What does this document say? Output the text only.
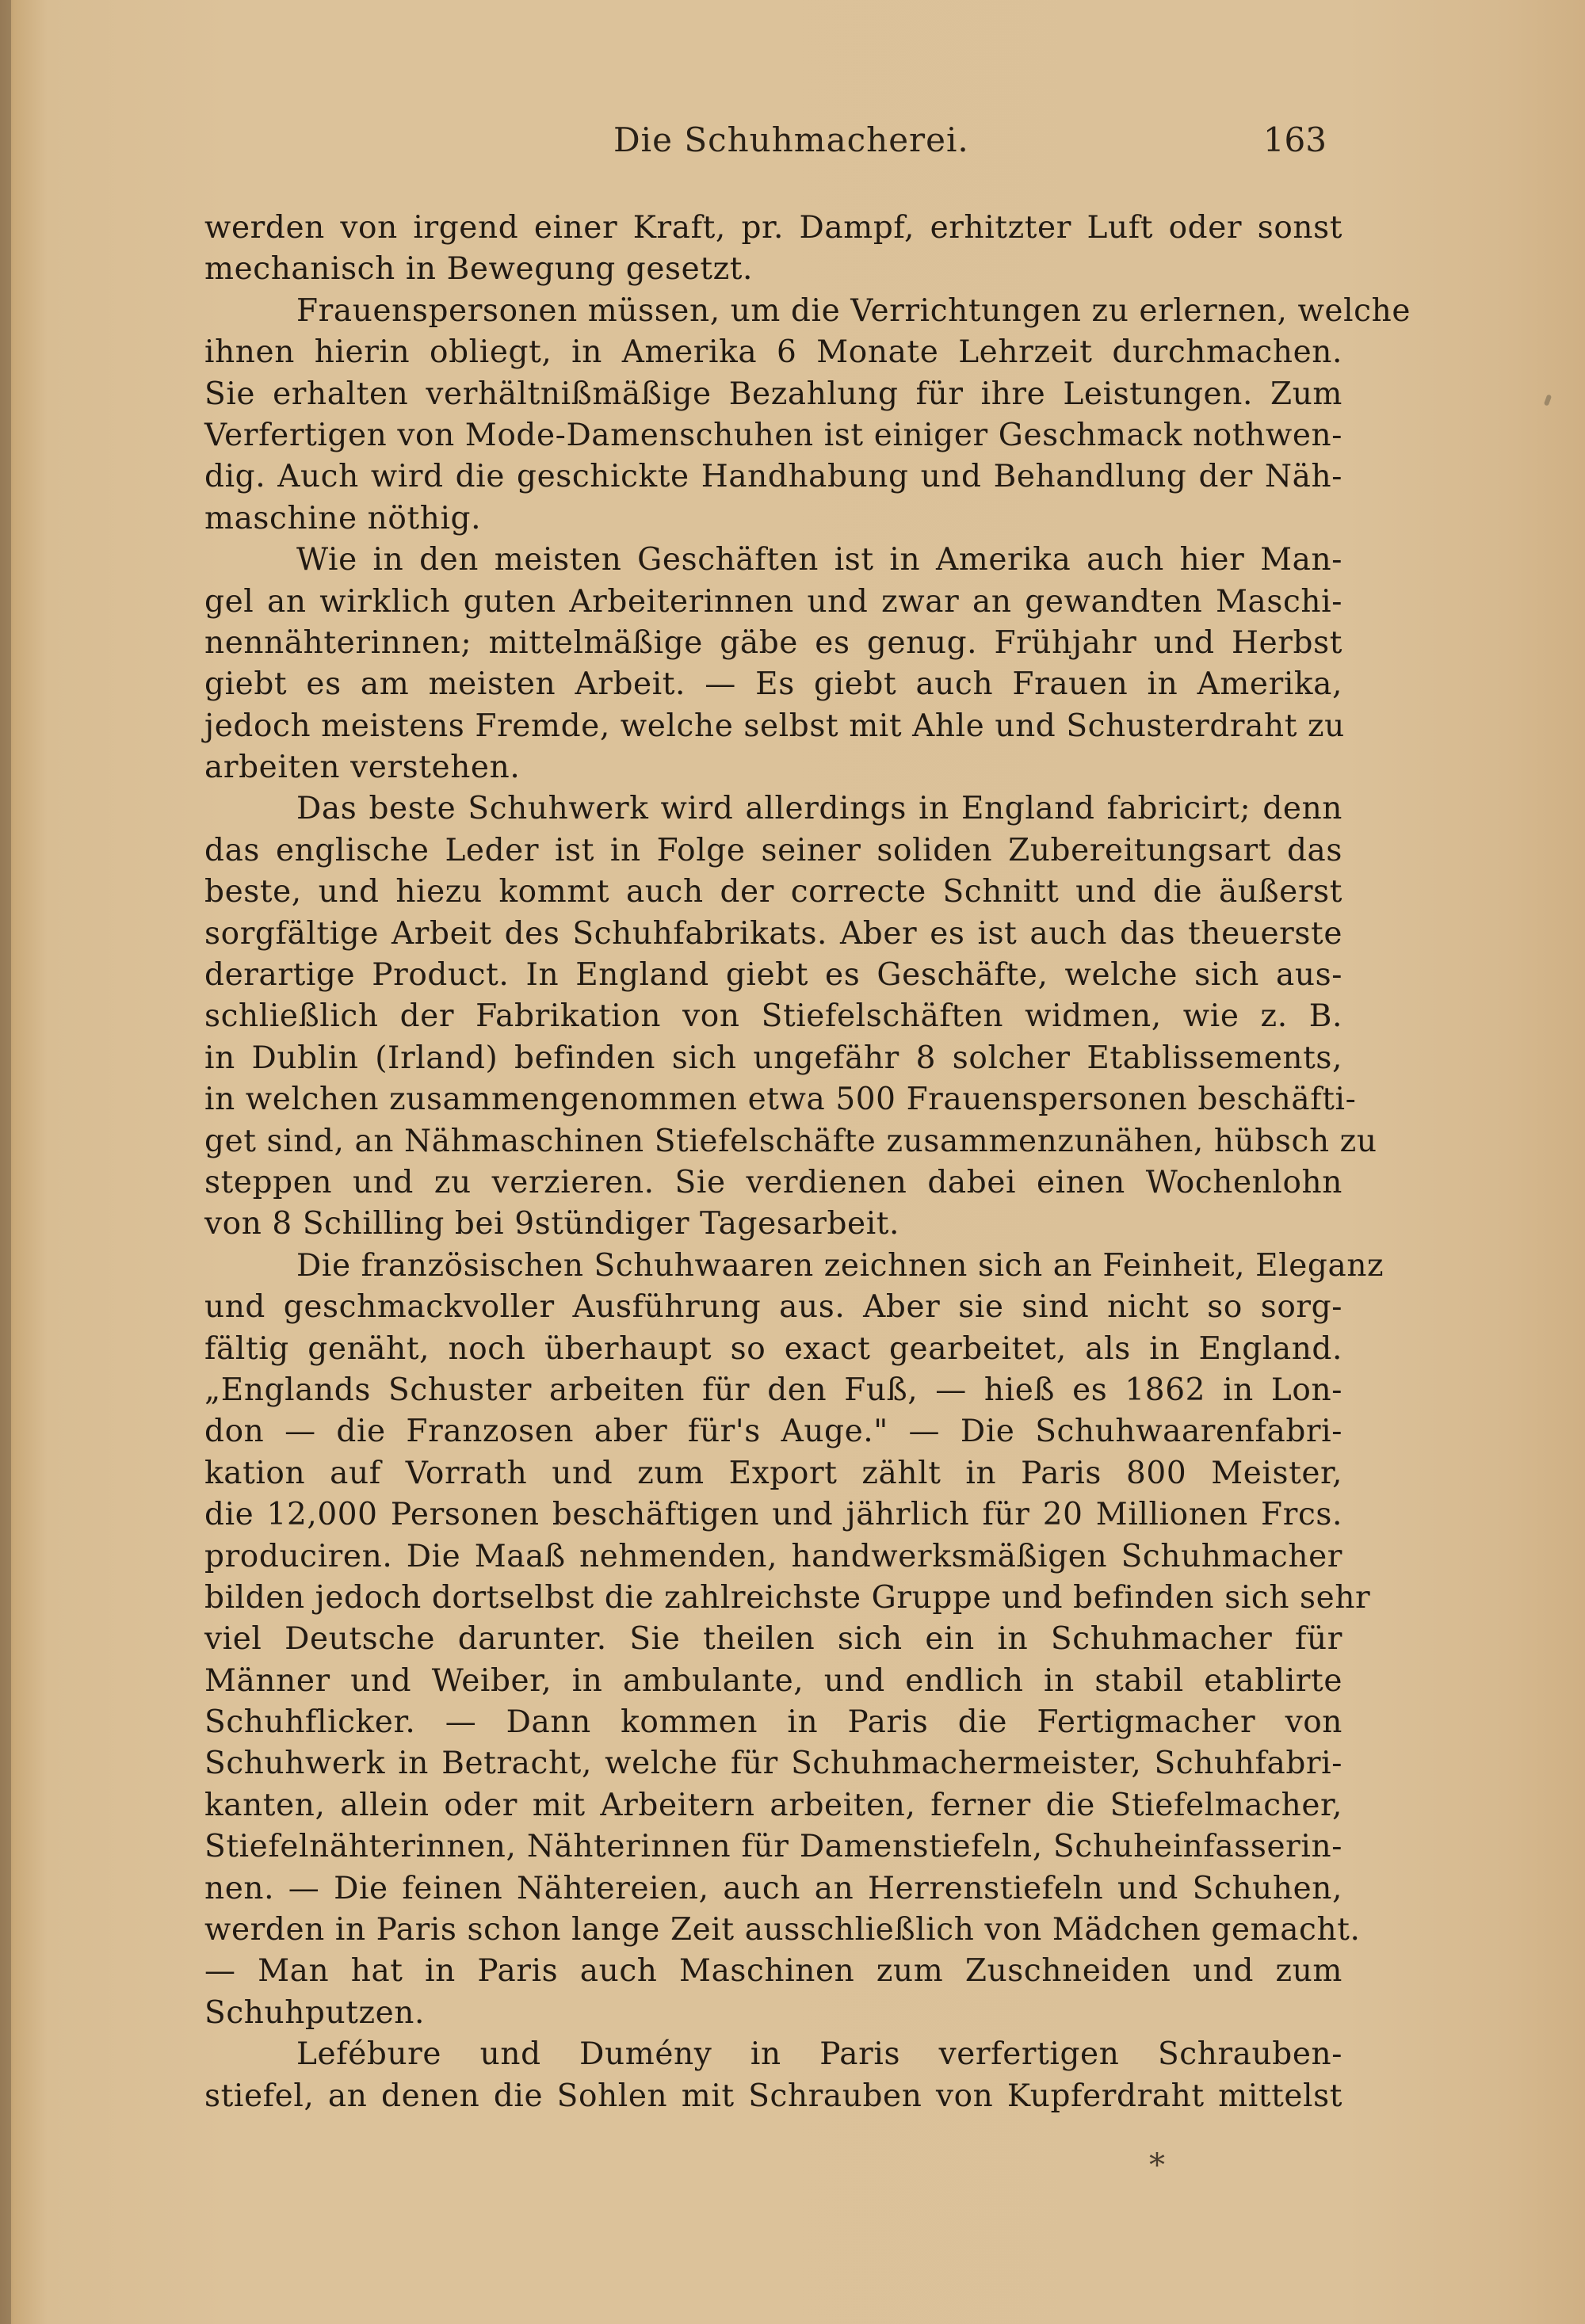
Die Schuhmacherei.	163
werden von irgend einer Kraft, pr. Dampf, erhitzter Luft oder sonst
mechanisch in Bewegung gesetzt.
Frauenspersonen müssen, um die Verrichtungen zu erlernen, welche
ihnen hierin obliegt, in Amerika 6 Monate Lehrzeit durchmachen.
Sie erhalten verhältnißmäßige Bezahlung für ihre Leistungen. Zum
Verfertigen von Mode-Damenschuhen ist einiger Geschmack nothwen-
dig. Auch wird die geschickte Handhabung und Behandlung der Näh-
maschine nöthig.
Wie in den meisten Geschäften ist in Amerika auch hier Man-
gel an wirklich guten Arbeiterinnen und zwar an gewandten Maschi-
nennähterinnen; mittelmäßige gäbe es genug. Frühjahr und Herbst
giebt es am meisten Arbeit. — Es giebt auch Frauen in Amerika,
jedoch meistens Fremde, welche selbst mit Ahle und Schusterdraht zu
arbeiten verstehen.
Das beste Schuhwerk wird allerdings in England fabricirt; denn
das englische Leder ist in Folge seiner soliden Zubereitungsart das
beste, und hiezu kommt auch der correcte Schnitt und die äußerst
sorgfältige Arbeit des Schuhfabrikats. Aber es ist auch das theuerste
derartige Product. In England giebt es Geschäfte, welche sich aus-
schließlich der Fabrikation von Stiefelschäften widmen, wie z. B.
in Dublin (Irland) befinden sich ungefähr 8 solcher Etablissements,
in welchen zusammengenommen etwa 500 Frauenspersonen beschäfti-
get sind, an Nähmaschinen Stiefelschäfte zusammenzunähen, hübsch zu
steppen und zu verzieren. Sie verdienen dabei einen Wochenlohn
von 8 Schilling bei 9stündiger Tagesarbeit.
Die französischen Schuhwaaren zeichnen sich an Feinheit, Eleganz
und geschmackvoller Ausführung aus. Aber sie sind nicht so sorg-
fältig genäht, noch überhaupt so exact gearbeitet, als in England.
„Englands Schuster arbeiten für den Fuß, — hieß es 1862 in Lon-
don — die Franzosen aber für's Auge." — Die Schuhwaarenfabri-
kation auf Vorrath und zum Export zählt in Paris 800 Meister,
die 12,000 Personen beschäftigen und jährlich für 20 Millionen Frcs.
produciren. Die Maaß nehmenden, handwerksmäßigen Schuhmacher
bilden jedoch dortselbst die zahlreichste Gruppe und befinden sich sehr
viel Deutsche darunter. Sie theilen sich ein in Schuhmacher für
Männer und Weiber, in ambulante, und endlich in stabil etablirte
Schuhflicker. — Dann kommen in Paris die Fertigmacher von
Schuhwerk in Betracht, welche für Schuhmachermeister, Schuhfabri-
kanten, allein oder mit Arbeitern arbeiten, ferner die Stiefelmacher,
Stiefelnähterinnen, Nähterinnen für Damenstiefeln, Schuheinfasserin-
nen. — Die feinen Nähtereien, auch an Herrenstiefeln und Schuhen,
werden in Paris schon lange Zeit ausschließlich von Mädchen gemacht.
— Man hat in Paris auch Maschinen zum Zuschneiden und zum
Schuhputzen.
Lefébure und Dumény in Paris verfertigen Schrauben-
stiefel, an denen die Sohlen mit Schrauben von Kupferdraht mittelst
*
